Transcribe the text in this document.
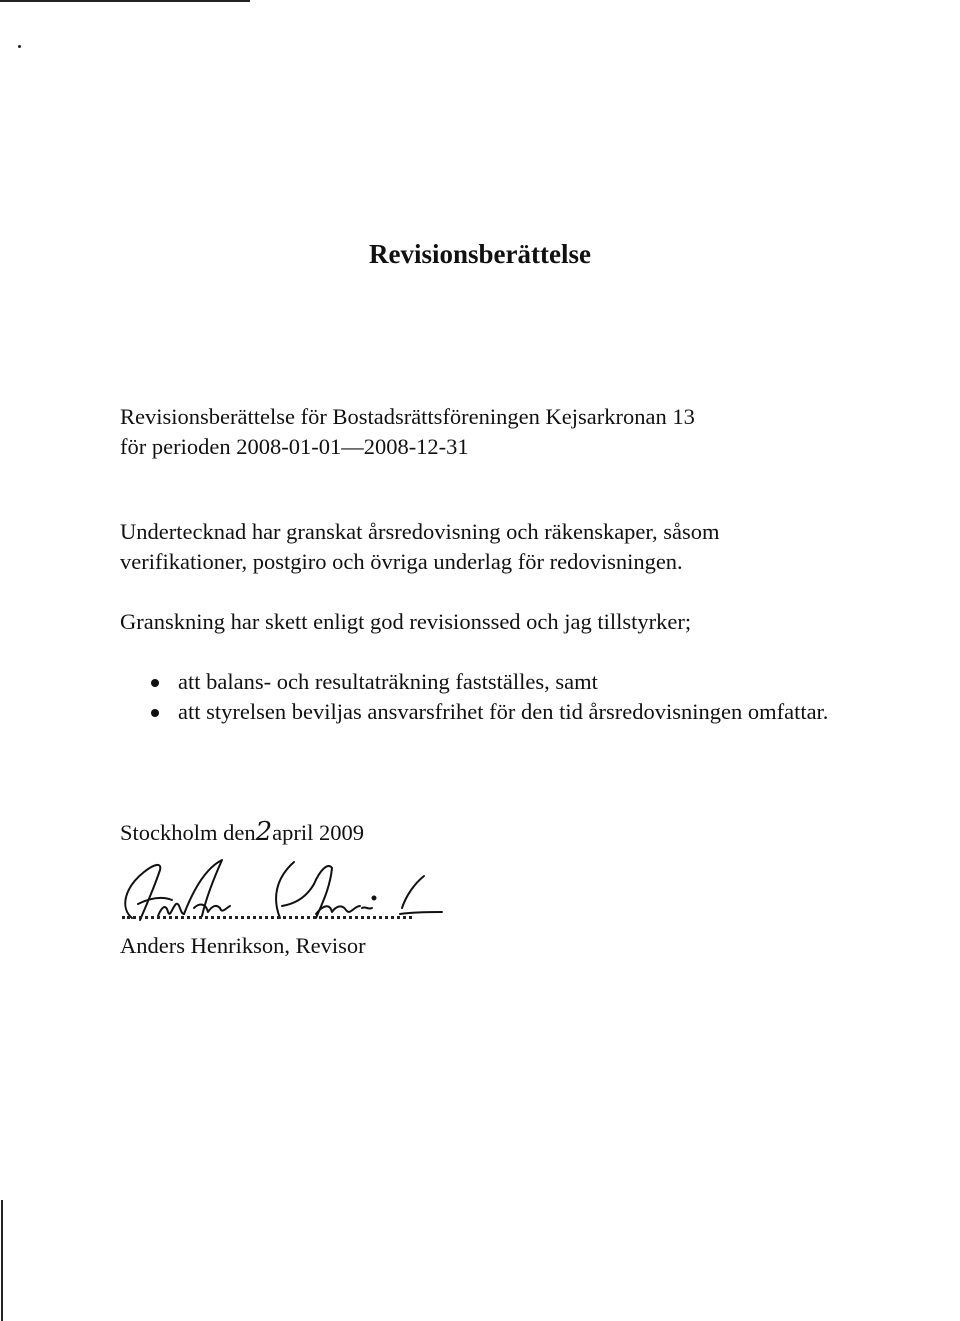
Revisionsberättelse
Revisionsberättelse för Bostadsrättsföreningen Kejsarkronan 13
för perioden 2008-01-01—2008-12-31
Undertecknad har granskat årsredovisning och räkenskaper, såsom
verifikationer, postgiro och övriga underlag för redovisningen.
Granskning har skett enligt god revisionssed och jag tillstyrker;
att balans- och resultaträkning fastställes, samt
att styrelsen beviljas ansvarsfrihet för den tid årsredovisningen omfattar.
Stockholm den2april 2009
Anders Henrikson, Revisor
